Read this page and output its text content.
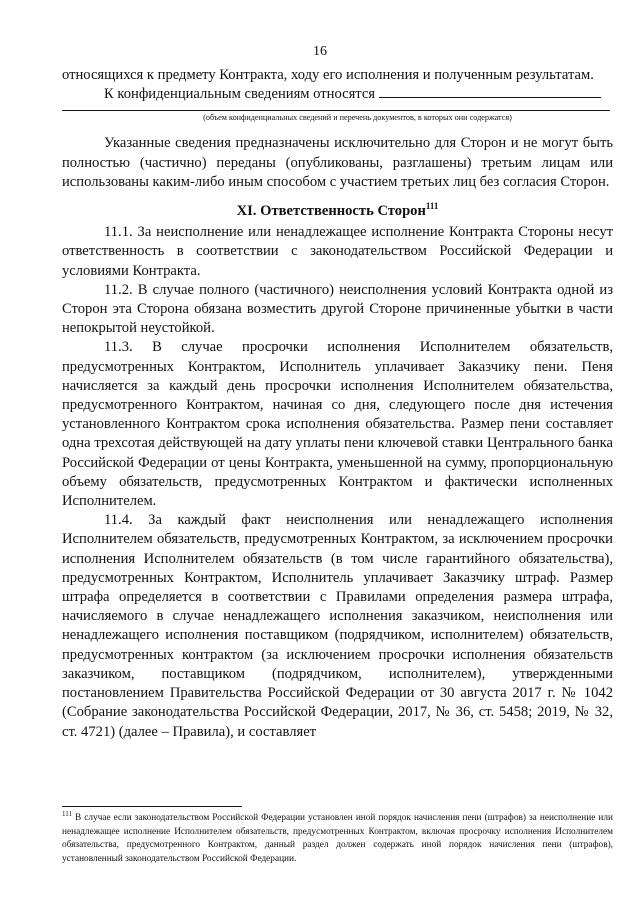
16

относящихся к предмету Контракта, ходу его исполнения и полученным результатам.

К конфиденциальным сведениям относятся

(объем конфиденциальных сведений и перечень документов, в которых они содержатся)

Указанные сведения предназначены исключительно для Сторон и не могут быть полностью (частично) переданы (опубликованы, разглашены) третьим лицам или использованы каким-либо иным способом с участием третьих лиц без согласия Сторон.

XI. Ответственность Сторон$^{111}$

11.1. За неисполнение или ненадлежащее исполнение Контракта Стороны несут ответственность в соответствии с законодательством Российской Федерации и условиями Контракта.

11.2. В случае полного (частичного) неисполнения условий Контракта одной из Сторон эта Сторона обязана возместить другой Стороне причиненные убытки в части непокрытой неустойкой.

11.3. В случае просрочки исполнения Исполнителем обязательств, предусмотренных Контрактом, Исполнитель уплачивает Заказчику пени. Пеня начисляется за каждый день просрочки исполнения Исполнителем обязательства, предусмотренного Контрактом, начиная со дня, следующего после дня истечения установленного Контрактом срока исполнения обязательства. Размер пени составляет одна трехсотая действующей на дату уплаты пени ключевой ставки Центрального банка Российской Федерации от цены Контракта, уменьшенной на сумму, пропорциональную объему обязательств, предусмотренных Контрактом и фактически исполненных Исполнителем.

11.4. За каждый факт неисполнения или ненадлежащего исполнения Исполнителем обязательств, предусмотренных Контрактом, за исключением просрочки исполнения Исполнителем обязательств (в том числе гарантийного обязательства), предусмотренных Контрактом, Исполнитель уплачивает Заказчику штраф. Размер штрафа определяется в соответствии с Правилами определения размера штрафа, начисляемого в случае ненадлежащего исполнения заказчиком, неисполнения или ненадлежащего исполнения поставщиком (подрядчиком, исполнителем) обязательств, предусмотренных контрактом (за исключением просрочки исполнения обязательств заказчиком, поставщиком (подрядчиком, исполнителем), утвержденными постановлением Правительства Российской Федерации от 30 августа 2017 г. № 1042 (Собрание законодательства Российской Федерации, 2017, № 36, ст. 5458; 2019, № 32, ст. 4721) (далее – Правила), и составляет

$^{111}$ В случае если законодательством Российской Федерации установлен иной порядок начисления пени (штрафов) за неисполнение или ненадлежащее исполнение Исполнителем обязательств, предусмотренных Контрактом, включая просрочку исполнения Исполнителем обязательства, предусмотренного Контрактом, данный раздел должен содержать иной порядок начисления пени (штрафов), установленный законодательством Российской Федерации.
